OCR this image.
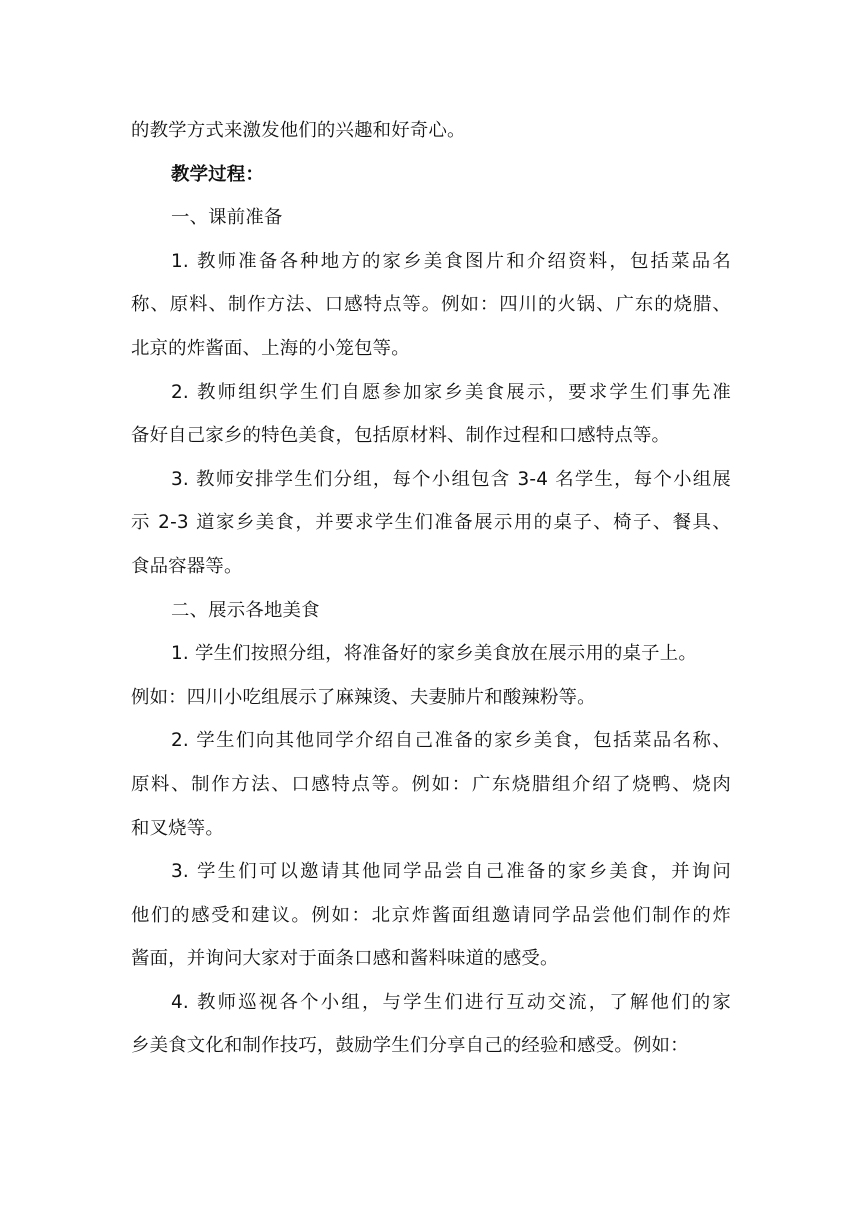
的教学方式来激发他们的兴趣和好奇心。
教学过程：
一、课前准备
1. 教师准备各种地方的家乡美食图片和介绍资料，包括菜品名
称、原料、制作方法、口感特点等。例如：四川的火锅、广东的烧腊、
北京的炸酱面、上海的小笼包等。
2. 教师组织学生们自愿参加家乡美食展示，要求学生们事先准
备好自己家乡的特色美食，包括原材料、制作过程和口感特点等。
3. 教师安排学生们分组，每个小组包含 3-4 名学生，每个小组展
示 2-3 道家乡美食，并要求学生们准备展示用的桌子、椅子、餐具、
食品容器等。
二、展示各地美食
1. 学生们按照分组，将准备好的家乡美食放在展示用的桌子上。
例如：四川小吃组展示了麻辣烫、夫妻肺片和酸辣粉等。
2. 学生们向其他同学介绍自己准备的家乡美食，包括菜品名称、
原料、制作方法、口感特点等。例如：广东烧腊组介绍了烧鸭、烧肉
和叉烧等。
3. 学生们可以邀请其他同学品尝自己准备的家乡美食，并询问
他们的感受和建议。例如：北京炸酱面组邀请同学品尝他们制作的炸
酱面，并询问大家对于面条口感和酱料味道的感受。
4. 教师巡视各个小组，与学生们进行互动交流，了解他们的家
乡美食文化和制作技巧，鼓励学生们分享自己的经验和感受。例如：
